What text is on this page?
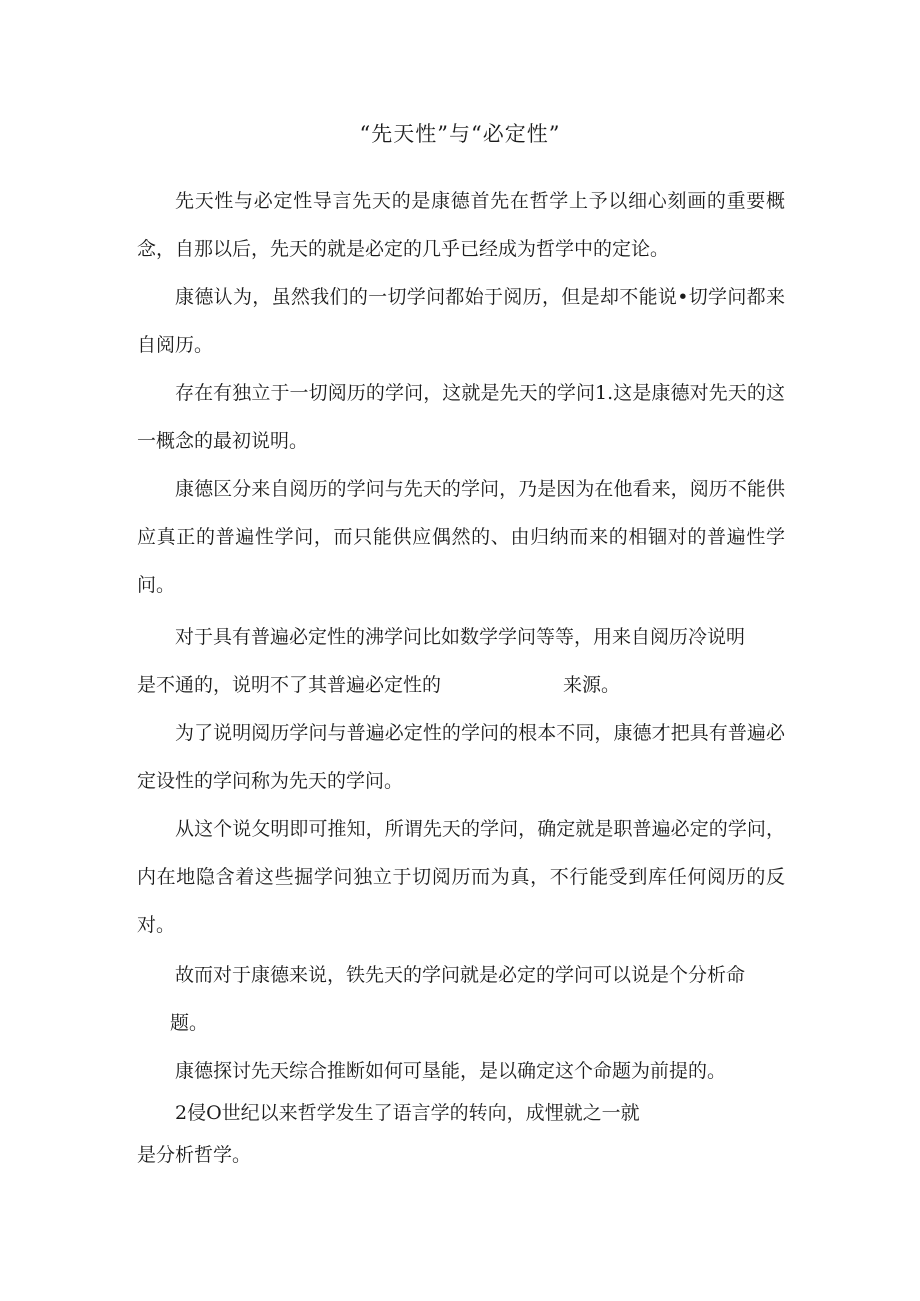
“先天性”与“必定性”

先天性与必定性导言先天的是康德首先在哲学上予以细心刻画的重要概念，自那以后，先天的就是必定的几乎已经成为哲学中的定论。

康德认为，虽然我们的一切学问都始于阅历，但是却不能说•切学问都来自阅历。

存在有独立于一切阅历的学问，这就是先天的学问1.这是康德对先天的这一概念的最初说明。

康德区分来自阅历的学问与先天的学问，乃是因为在他看来，阅历不能供应真正的普遍性学问，而只能供应偶然的、由归纳而来的相锢对的普遍性学问。

对于具有普遍必定性的沸学问比如数学学问等等，用来自阅历冷说明
是不通的，说明不了其普遍必定性的	来源。

为了说明阅历学问与普遍必定性的学问的根本不同，康德才把具有普遍必定设性的学问称为先天的学问。

从这个说攵明即可推知，所谓先天的学问，确定就是职普遍必定的学问，内在地隐含着这些掘学问独立于切阅历而为真，不行能受到库任何阅历的反对。

故而对于康德来说，铁先天的学问就是必定的学问可以说是个分析命
题。
康德探讨先天综合推断如何可垦能，是以确定这个命题为前提的。
2侵O世纪以来哲学发生了语言学的转向，成悝就之一就
是分析哲学。
